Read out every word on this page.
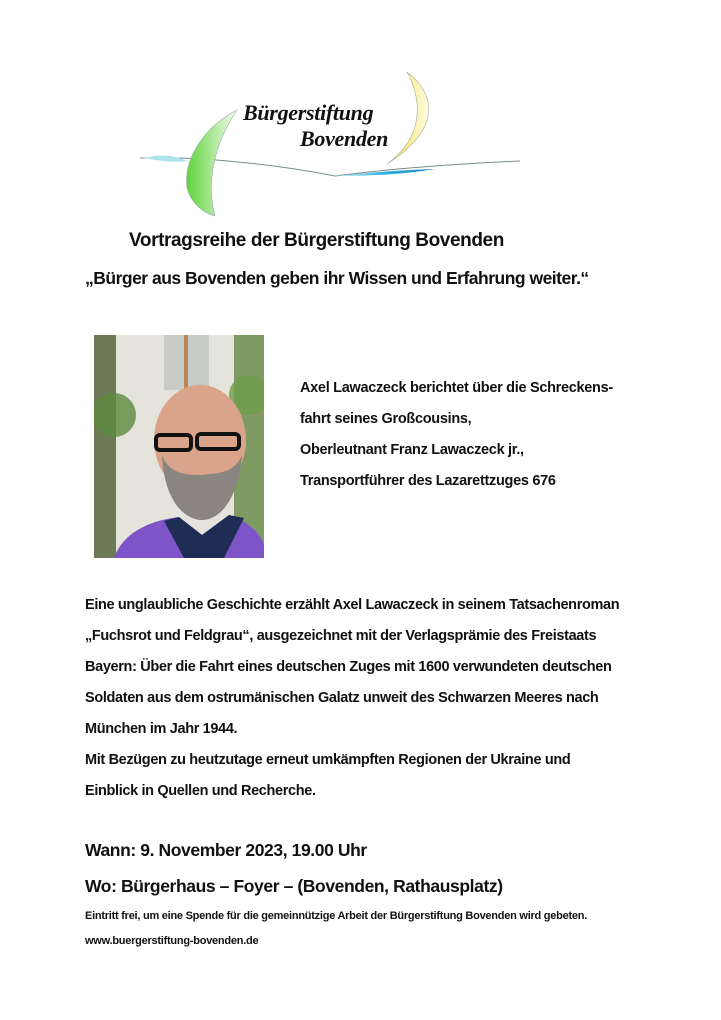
Bürgerstiftung
Bovenden
Vortragsreihe der Bürgerstiftung Bovenden
„Bürger aus Bovenden geben ihr Wissen und Erfahrung weiter.“
Axel Lawaczeck berichtet über die Schreckens-
fahrt seines Großcousins,
Oberleutnant Franz Lawaczeck jr.,
Transportführer des Lazarettzuges 676
Eine unglaubliche Geschichte erzählt Axel Lawaczeck in seinem Tatsachenroman
„Fuchsrot und Feldgrau“, ausgezeichnet mit der Verlagsprämie des Freistaats
Bayern: Über die Fahrt eines deutschen Zuges mit 1600 verwundeten deutschen
Soldaten aus dem ostrumänischen Galatz unweit des Schwarzen Meeres nach
München im Jahr 1944.
Mit Bezügen zu heutzutage erneut umkämpften Regionen der Ukraine und
Einblick in Quellen und Recherche.
Wann: 9. November 2023, 19.00 Uhr
Wo: Bürgerhaus – Foyer – (Bovenden, Rathausplatz)
Eintritt frei, um eine Spende für die gemeinnützige Arbeit der Bürgerstiftung Bovenden wird gebeten.
www.buergerstiftung-bovenden.de
